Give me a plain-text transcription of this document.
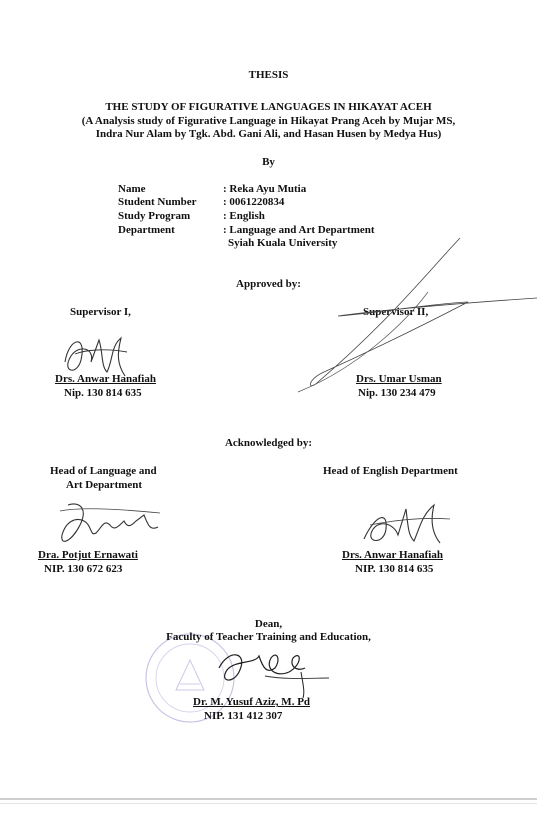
THESIS
THE STUDY OF FIGURATIVE LANGUAGES IN HIKAYAT ACEH
(A Analysis study of Figurative Language in Hikayat Prang Aceh by Mujar MS,
Indra Nur Alam by Tgk. Abd. Gani Ali, and Hasan Husen by Medya Hus)
By
Name	: Reka Ayu Mutia
Student Number : 0061220834
Study Program	: English
Department	: Language and Art Department
Syiah Kuala University
Approved by:
Supervisor I,	Supervisor II,
Drs. Anwar Hanafiah
Nip. 130 814 635
Drs. Umar Usman
Nip. 130 234 479
Acknowledged by:
Head of Language and
Art Department
Head of English Department
Dra. Potjut Ernawati
NIP. 130 672 623
Drs. Anwar Hanafiah
NIP. 130 814 635
Dean,
Faculty of Teacher Training and Education,
Dr. M. Yusuf Aziz, M. Pd
NIP. 131 412 307
